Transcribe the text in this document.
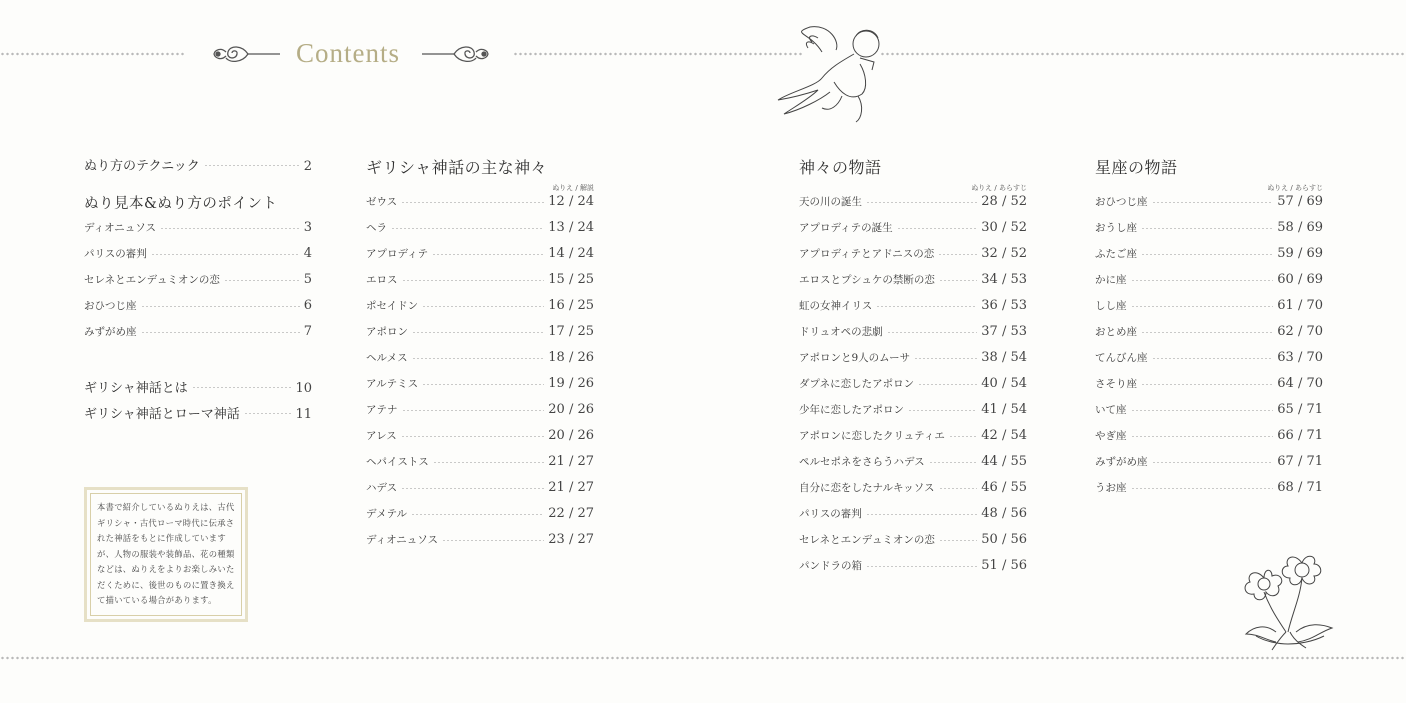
Contents
ぬり方のテクニック	2
ぬり見本&ぬり方のポイント
ディオニュソス	3
パリスの審判	4
セレネとエンデュミオンの恋	5
おひつじ座	6
みずがめ座	7
ギリシャ神話とは	10
ギリシャ神話とローマ神話	11
本書で紹介しているぬりえは、古代
ギリシャ・古代ローマ時代に伝承さ
れた神話をもとに作成しています
が、人物の服装や装飾品、花の種類
などは、ぬりえをよりお楽しみいた
だくために、後世のものに置き換え
て描いている場合があります。
ギリシャ神話の主な神々
ぬりえ / 解説
ゼウス	12 / 24
ヘラ	13 / 24
アプロディテ	14 / 24
エロス	15 / 25
ポセイドン	16 / 25
アポロン	17 / 25
ヘルメス	18 / 26
アルテミス	19 / 26
アテナ	20 / 26
アレス	20 / 26
ヘパイストス	21 / 27
ハデス	21 / 27
デメテル	22 / 27
ディオニュソス	23 / 27
神々の物語
ぬりえ / あらすじ
天の川の誕生	28 / 52
アプロディテの誕生	30 / 52
アプロディテとアドニスの恋	32 / 52
エロスとプシュケの禁断の恋	34 / 53
虹の女神イリス	36 / 53
ドリュオペの悲劇	37 / 53
アポロンと9人のムーサ	38 / 54
ダプネに恋したアポロン	40 / 54
少年に恋したアポロン	41 / 54
アポロンに恋したクリュティエ	42 / 54
ペルセポネをさらうハデス	44 / 55
自分に恋をしたナルキッソス	46 / 55
パリスの審判	48 / 56
セレネとエンデュミオンの恋	50 / 56
パンドラの箱	51 / 56
星座の物語
ぬりえ / あらすじ
おひつじ座	57 / 69
おうし座	58 / 69
ふたご座	59 / 69
かに座	60 / 69
しし座	61 / 70
おとめ座	62 / 70
てんびん座	63 / 70
さそり座	64 / 70
いて座	65 / 71
やぎ座	66 / 71
みずがめ座	67 / 71
うお座	68 / 71
